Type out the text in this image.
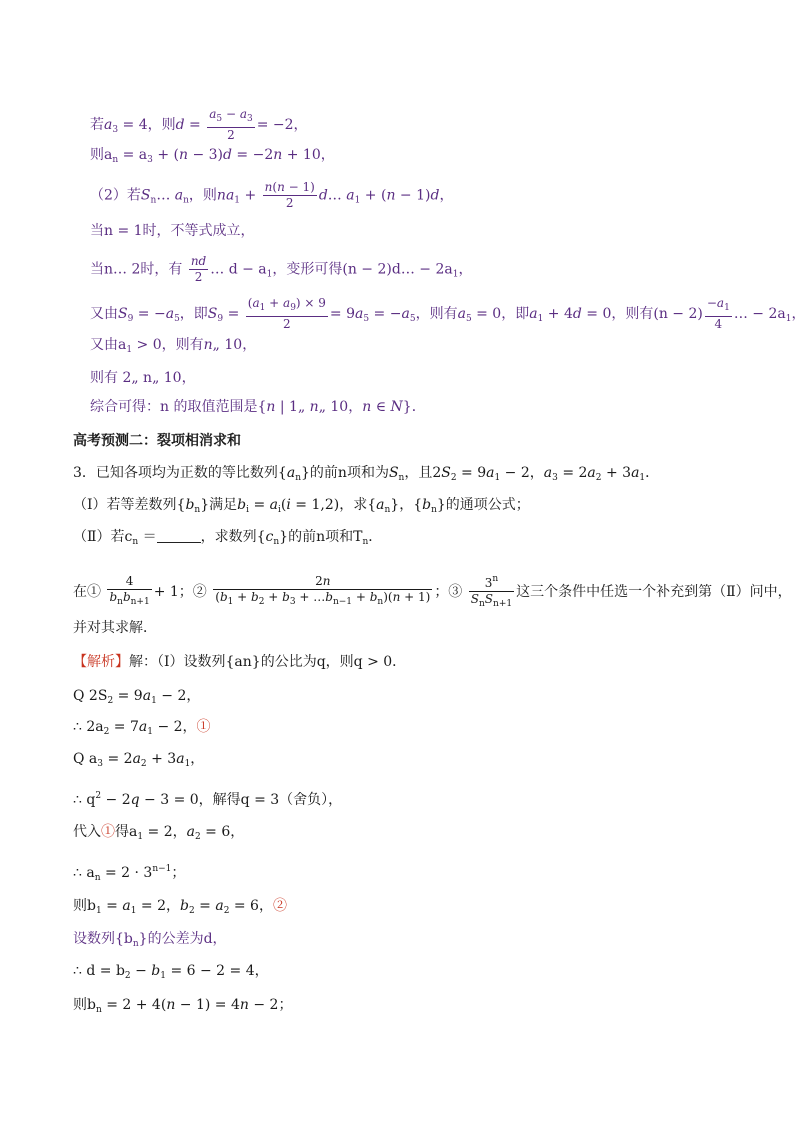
若$a_3 = 4$，则$d = \frac{a_5 - a_3}{2} = -2$，
则$a_n = a_3 + (n - 3)d = -2n + 10$，
（2）若$S_n\dots$ $a_n$，则$na_1 + \frac{n(n - 1)}{2}$ d… $a_1 + (n - 1)d$，
当n = 1时，不等式成立，
当n… 2时，有 $\frac{nd}{2}$ … $d - a_1$，变形可得(n − 2)d… − $2a_1$，
又由$S_9 = -a_5$，即$S_9 = \frac{(a_1 + a_9) \times 9}{2} = 9a_5 = -a_5$，则有$a_5 = 0$，即$a_1 + 4d = 0$，则有$(n - 2) \frac{-a_1}{4}$ … − $2a_1$，
又由$a_1 > 0$，则有n„ 10，
则有 2„ n„ 10，
综合可得：n 的取值范围是{n | 1„ n„ 10，n ∈ N}．
高考预测二：裂项相消求和
3．已知各项均为正数的等比数列$\{a_n\}$的前n项和为$S_n$，且$2S_2 = 9a_1 - 2$，$a_3 = 2a_2 + 3a_1$．
（Ⅰ）若等差数列$\{b_n\}$满足$b_i = a_i(i = 1,2)$，求$\{a_n\}$，$\{b_n\}$的通项公式；
（Ⅱ）若$c_n$ ＝	，求数列$\{c_n\}$的前n项和$T_n$．
在① $\frac{4}{b_nb_{n+1}} + 1$；② $\frac{2n}{(b_1 + b_2 + b_3 + \dots b_{n-1} + b_n)(n + 1)}$ ；③ $\frac{3^n}{S_nS_{n+1}}$ 这三个条件中任选一个补充到第（Ⅱ）问中，
并对其求解．
【解析】解：（Ⅰ）设数列{an}的公比为q，则q > 0．
Q $2S_2 = 9a_1 - 2$，
∴ $2a_2 = 7a_1 - 2$，①
Q $a_3 = 2a_2 + 3a_1$，
∴ $q^2 - 2q - 3 = 0$，解得q = 3（舍负），
代入①得$a_1 = 2$，$a_2 = 6$，
∴ $a_n = 2 \cdot 3^{n-1}$；
则$b_1 = a_1 = 2$，$b_2 = a_2 = 6$，②
设数列$\{b_n\}$的公差为d，
∴ $d = b_2 - b_1 = 6 - 2 = 4$，
则$b_n = 2 + 4(n - 1) = 4n - 2$；
